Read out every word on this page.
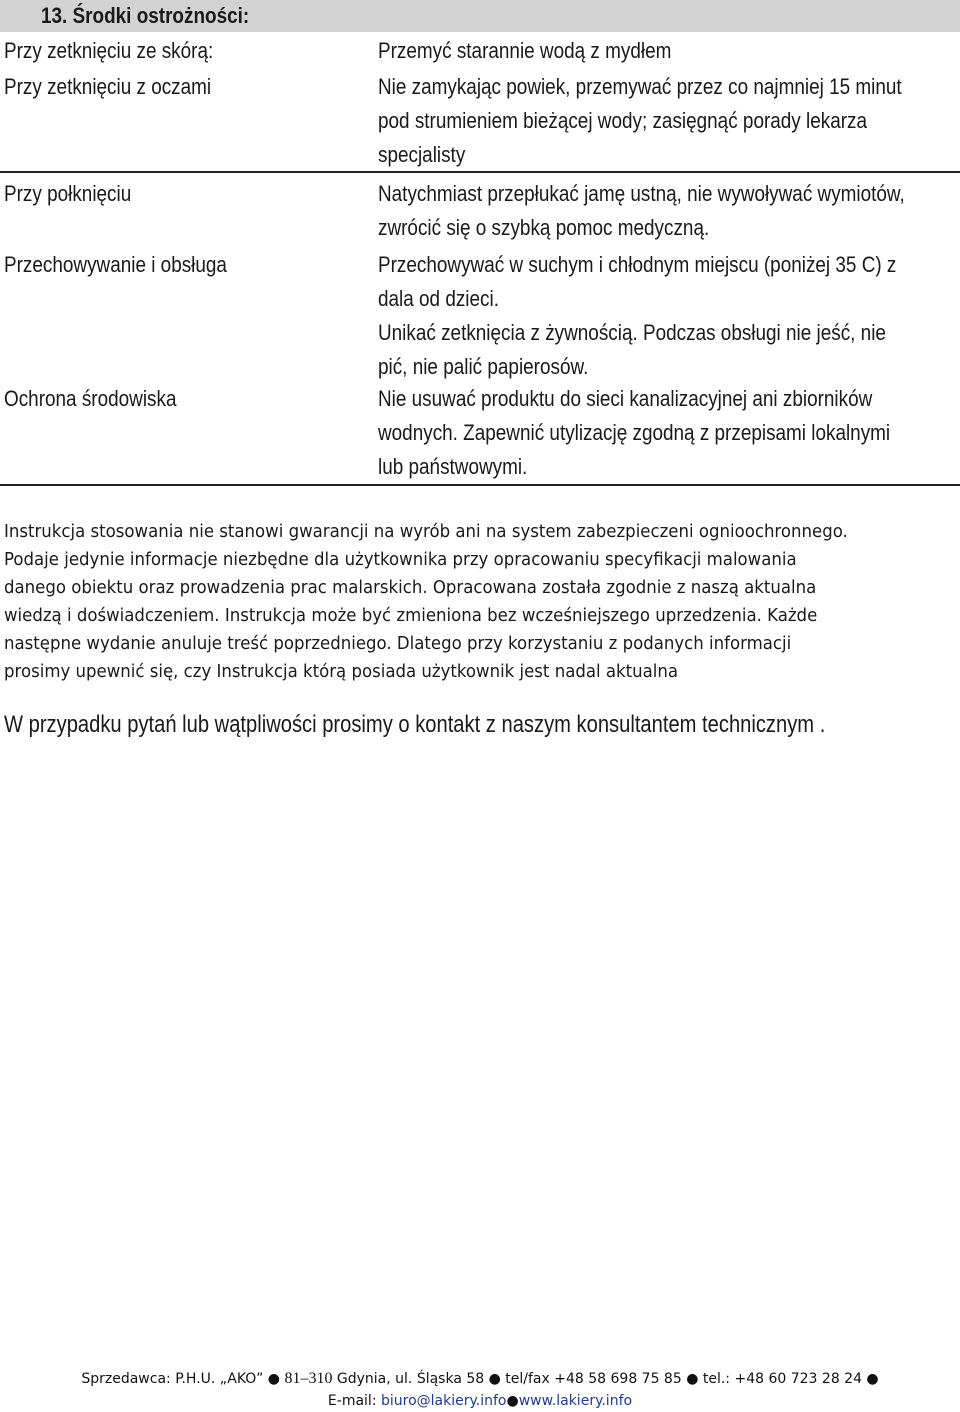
13. Środki ostrożności:
Przy zetknięciu ze skórą:	Przemyć starannie wodą z mydłem
Przy zetknięciu z oczami	Nie zamykając powiek, przemywać przez co najmniej 15 minut
pod strumieniem bieżącej wody; zasięgnąć porady lekarza
specjalisty
Przy połknięciu	Natychmiast przepłukać jamę ustną, nie wywoływać wymiotów,
zwrócić się o szybką pomoc medyczną.
Przechowywanie i obsługa	Przechowywać w suchym i chłodnym miejscu (poniżej 35 C) z
dala od dzieci.
Unikać zetknięcia z żywnością. Podczas obsługi nie jeść, nie
pić, nie palić papierosów.
Ochrona środowiska	Nie usuwać produktu do sieci kanalizacyjnej ani zbiorników
wodnych. Zapewnić utylizację zgodną z przepisami lokalnymi
lub państwowymi.
Instrukcja stosowania nie stanowi gwarancji na wyrób ani na system zabezpieczeni ognioochronnego.
Podaje jedynie informacje niezbędne dla użytkownika przy opracowaniu specyfikacji malowania
danego obiektu oraz prowadzenia prac malarskich. Opracowana została zgodnie z naszą aktualna
wiedzą i doświadczeniem. Instrukcja może być zmieniona bez wcześniejszego uprzedzenia. Każde
następne wydanie anuluje treść poprzedniego. Dlatego przy korzystaniu z podanych informacji
prosimy upewnić się, czy Instrukcja którą posiada użytkownik jest nadal aktualna
W przypadku pytań lub wątpliwości prosimy o kontakt z naszym konsultantem technicznym .
Sprzedawca: P.H.U. „AKO” ● 81‒310 Gdynia, ul. Śląska 58 ● tel/fax +48 58 698 75 85 ● tel.: +48 60 723 28 24 ●
E-mail: biuro@lakiery.info●www.lakiery.info
